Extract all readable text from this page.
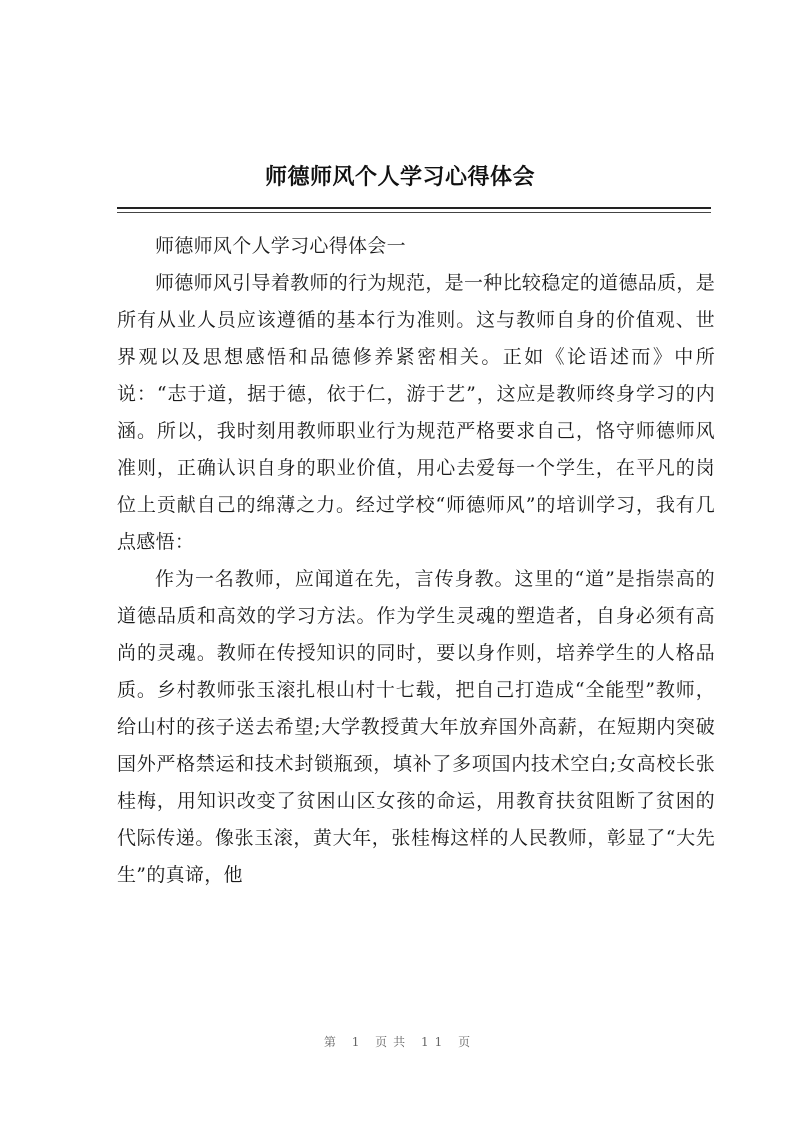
师德师风个人学习心得体会

师德师风个人学习心得体会一

师德师风引导着教师的行为规范，是一种比较稳定的道德品质，是所有从业人员应该遵循的基本行为准则。这与教师自身的价值观、世界观以及思想感悟和品德修养紧密相关。正如《论语述而》中所说：“志于道，据于德，依于仁，游于艺”，这应是教师终身学习的内涵。所以，我时刻用教师职业行为规范严格要求自己，恪守师德师风准则，正确认识自身的职业价值，用心去爱每一个学生，在平凡的岗位上贡献自己的绵薄之力。经过学校“师德师风”的培训学习，我有几点感悟：

作为一名教师，应闻道在先，言传身教。这里的“道”是指崇高的道德品质和高效的学习方法。作为学生灵魂的塑造者，自身必须有高尚的灵魂。教师在传授知识的同时，要以身作则，培养学生的人格品质。乡村教师张玉滚扎根山村十七载，把自己打造成“全能型”教师，给山村的孩子送去希望;大学教授黄大年放弃国外高薪，在短期内突破国外严格禁运和技术封锁瓶颈，填补了多项国内技术空白;女高校长张桂梅，用知识改变了贫困山区女孩的命运，用教育扶贫阻断了贫困的代际传递。像张玉滚，黄大年，张桂梅这样的人民教师，彰显了“大先生”的真谛，他

第 1 页共 11 页
